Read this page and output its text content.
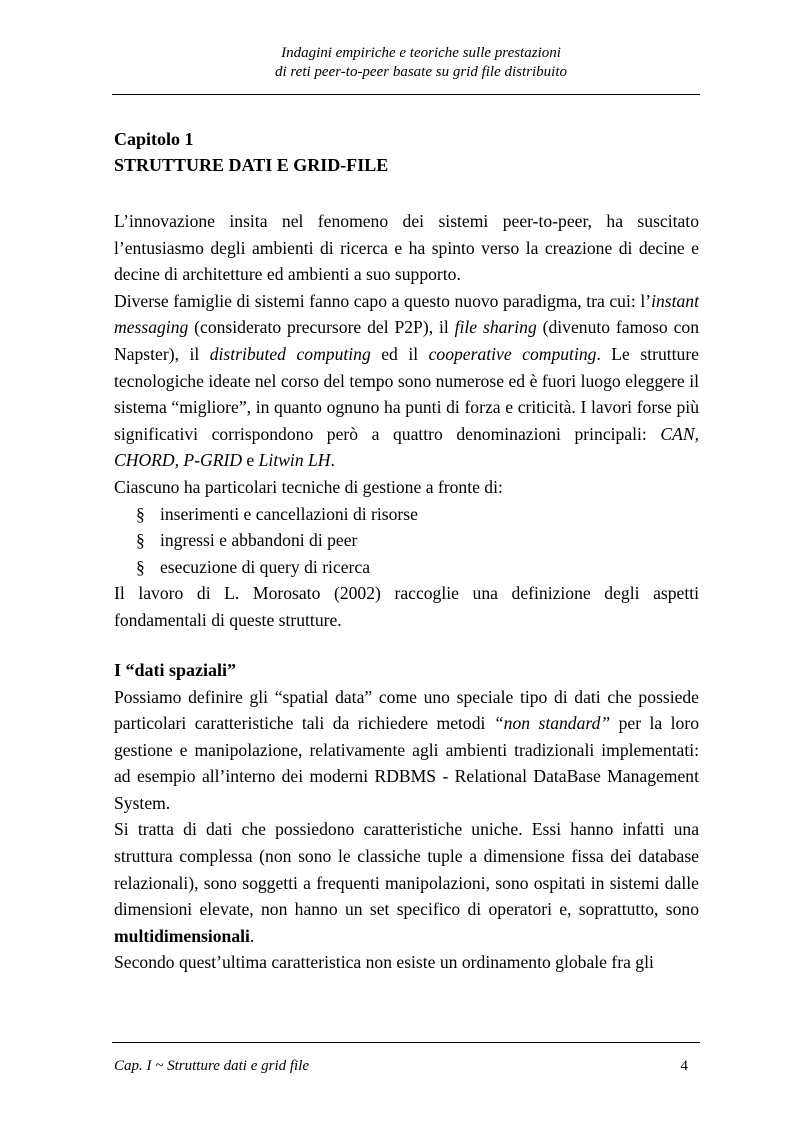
Indagini empiriche e teoriche sulle prestazioni
di reti peer-to-peer basate su grid file distribuito

Capitolo 1

STRUTTURE DATI E GRID-FILE

L’innovazione insita nel fenomeno dei sistemi peer-to-peer, ha suscitato l’entusiasmo degli ambienti di ricerca e ha spinto verso la creazione di decine e decine di architetture ed ambienti a suo supporto.

Diverse famiglie di sistemi fanno capo a questo nuovo paradigma, tra cui: l’instant messaging (considerato precursore del P2P), il file sharing (divenuto famoso con Napster), il distributed computing ed il cooperative computing. Le strutture tecnologiche ideate nel corso del tempo sono numerose ed è fuori luogo eleggere il sistema “migliore”, in quanto ognuno ha punti di forza e criticità. I lavori forse più significativi corrispondono però a quattro denominazioni principali: CAN, CHORD, P-GRID e Litwin LH.

Ciascuno ha particolari tecniche di gestione a fronte di:

§ inserimenti e cancellazioni di risorse
§ ingressi e abbandoni di peer
§ esecuzione di query di ricerca

Il lavoro di L. Morosato (2002) raccoglie una definizione degli aspetti fondamentali di queste strutture.

I “dati spaziali”

Possiamo definire gli “spatial data” come uno speciale tipo di dati che possiede particolari caratteristiche tali da richiedere metodi “non standard” per la loro gestione e manipolazione, relativamente agli ambienti tradizionali implementati: ad esempio all’interno dei moderni RDBMS - Relational DataBase Management System.

Si tratta di dati che possiedono caratteristiche uniche. Essi hanno infatti una struttura complessa (non sono le classiche tuple a dimensione fissa dei database relazionali), sono soggetti a frequenti manipolazioni, sono ospitati in sistemi dalle dimensioni elevate, non hanno un set specifico di operatori e, soprattutto, sono multidimensionali.

Secondo quest’ultima caratteristica non esiste un ordinamento globale fra gli

Cap. I ~ Strutture dati e grid file	4
